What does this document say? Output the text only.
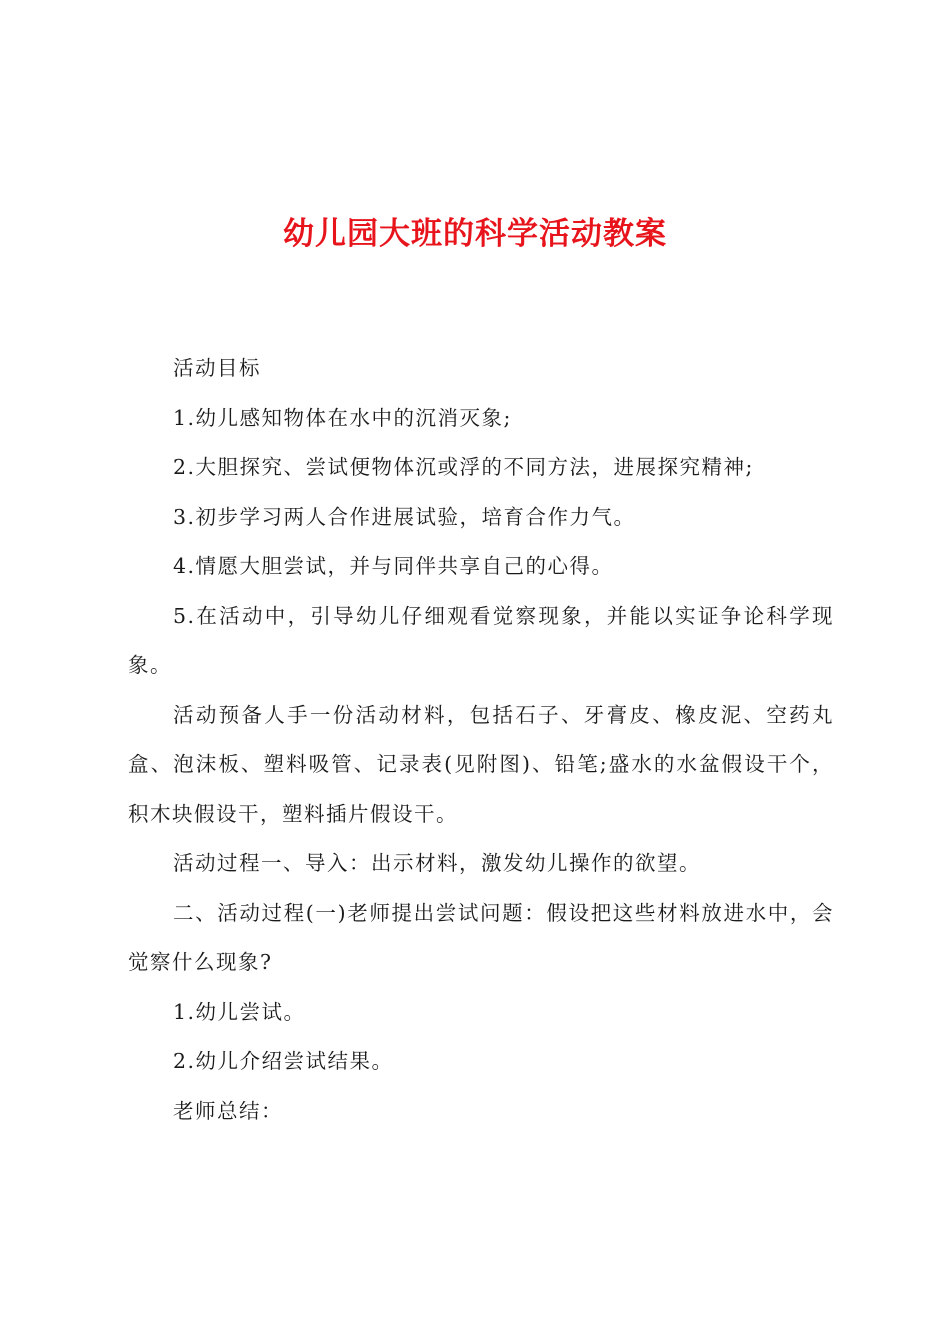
幼儿园大班的科学活动教案

活动目标

1.幼儿感知物体在水中的沉消灭象;

2.大胆探究、尝试便物体沉或浮的不同方法，进展探究精神;

3.初步学习两人合作进展试验，培育合作力气。

4.情愿大胆尝试，并与同伴共享自己的心得。

5.在活动中，引导幼儿仔细观看觉察现象，并能以实证争论科学现象。

活动预备人手一份活动材料，包括石子、牙膏皮、橡皮泥、空药丸盒、泡沫板、塑料吸管、记录表(见附图)、铅笔;盛水的水盆假设干个，积木块假设干，塑料插片假设干。

活动过程一、导入：出示材料，激发幼儿操作的欲望。

二、活动过程(一)老师提出尝试问题：假设把这些材料放进水中，会觉察什么现象?

1.幼儿尝试。

2.幼儿介绍尝试结果。

老师总结：
